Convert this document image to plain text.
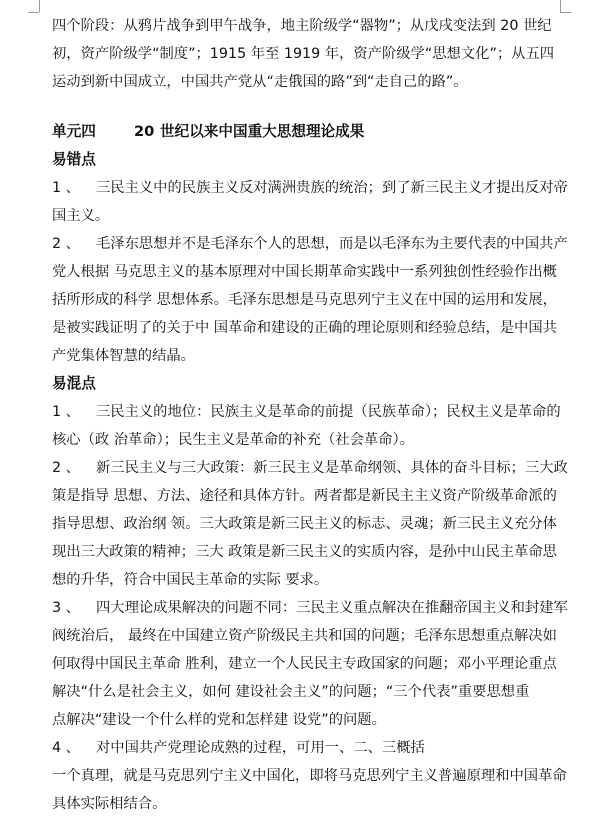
四个阶段：从鸦片战争到甲午战争，地主阶级学“器物”；从戊戌变法到 20 世纪
初，资产阶级学“制度”；1915 年至 1919 年，资产阶级学“思想文化”；从五四
运动到新中国成立，中国共产党从“走俄国的路”到“走自己的路”。
单元四	20 世纪以来中国重大思想理论成果
易错点
1 、 三民主义中的民族主义反对满洲贵族的统治；到了新三民主义才提出反对帝
国主义。
2 、 毛泽东思想并不是毛泽东个人的思想，而是以毛泽东为主要代表的中国共产
党人根据 马克思主义的基本原理对中国长期革命实践中一系列独创性经验作出概
括所形成的科学 思想体系。毛泽东思想是马克思列宁主义在中国的运用和发展，
是被实践证明了的关于中 国革命和建设的正确的理论原则和经验总结，是中国共
产党集体智慧的结晶。
易混点
1 、 三民主义的地位：民族主义是革命的前提（民族革命）；民权主义是革命的
核心（政 治革命）；民生主义是革命的补充（社会革命）。
2 、 新三民主义与三大政策：新三民主义是革命纲领、具体的奋斗目标；三大政
策是指导 思想、方法、途径和具体方针。两者都是新民主主义资产阶级革命派的
指导思想、政治纲 领。三大政策是新三民主义的标志、灵魂；新三民主义充分体
现出三大政策的精神；三大 政策是新三民主义的实质内容，是孙中山民主革命思
想的升华，符合中国民主革命的实际 要求。
3 、 四大理论成果解决的问题不同：三民主义重点解决在推翻帝国主义和封建军
阀统治后， 最终在中国建立资产阶级民主共和国的问题；毛泽东思想重点解决如
何取得中国民主革命 胜利，建立一个人民民主专政国家的问题；邓小平理论重点
解决“什么是社会主义，如何 建设社会主义”的问题；“三个代表”重要思想重
点解决“建设一个什么样的党和怎样建 设党”的问题。
4 、 对中国共产党理论成熟的过程，可用一、二、三概括
一个真理，就是马克思列宁主义中国化，即将马克思列宁主义普遍原理和中国革命
具体实际相结合。
